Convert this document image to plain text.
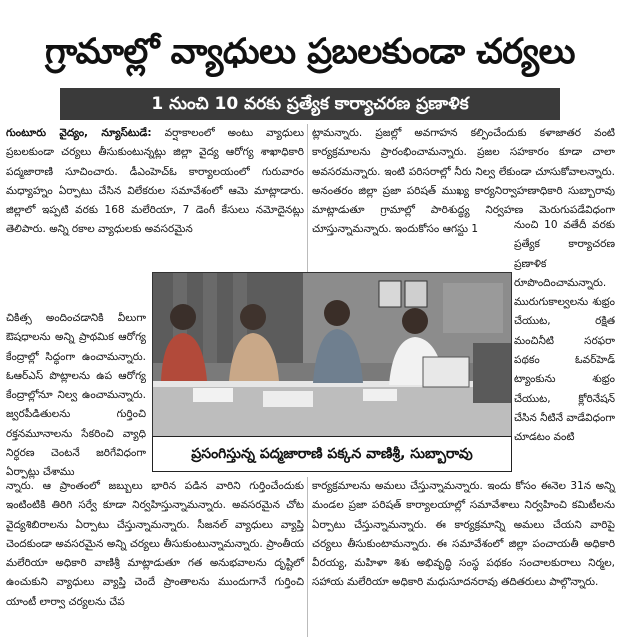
గ్రామాల్లో వ్యాధులు ప్రబలకుండా చర్యలు
1 నుంచి 10 వరకు ప్రత్యేక కార్యాచరణ ప్రణాళిక

గుంటూరు వైద్యం, న్యూస్‌టుడే: వర్షాకాలంలో అంటు వ్యాధులు ప్రబలకుండా చర్యలు తీసుకుంటున్నట్లు జిల్లా వైద్య ఆరోగ్య శాఖాధికారి పద్మజారాణి సూచించారు. డీఎంహెచ్‌ఓ కార్యాలయంలో గురువారం మధ్యాహ్నం ఏర్పాటు చేసిన విలేకరుల సమావేశంలో ఆమె మాట్లాడారు. జిల్లాలో ఇప్పటి వరకు 168 మలేరియా, 7 డెంగీ కేసులు నమోదైనట్లు తెలిపారు. అన్ని రకాల వ్యాధులకు అవసరమైన

చికిత్స అందించడానికి వీలుగా ఔషధాలను అన్ని ప్రాథమిక ఆరోగ్య కేంద్రాల్లో సిద్ధంగా ఉంచామన్నారు. ఓఆర్‌ఎస్‌ పొట్లాలను ఉప ఆరోగ్య కేంద్రాల్లోనూ నిల్వ ఉంచామన్నారు. జ్వరపీడితులను గుర్తించి రక్తనమూనాలను సేకరించి వ్యాధి నిర్ధరణ చెంటనే జరిగేవిధంగా ఏర్పాట్లు చేశాము

ట్లామన్నారు. ప్రజల్లో అవగాహన కల్పించేందుకు కళాజాతర వంటి కార్యక్రమాలను ప్రారంభించామన్నారు. ప్రజల సహకారం కూడా చాలా అవసరమన్నారు. ఇంటి పరిసరాల్లో నీరు నిల్వ లేకుండా చూసుకోవాలన్నారు. అనంతరం జిల్లా ప్రజా పరిషత్‌ ముఖ్య కార్యనిర్వాహణాధికారి సుబ్బారావు మాట్లాడుతూ గ్రామాల్లో పారిశుద్ధ్య నిర్వహణ మెరుగుపడేవిధంగా చూస్తున్నామన్నారు. ఇందుకోసం ఆగస్టు 1	నుంచి 10 వతేదీ వరకు ప్రత్యేక కార్యాచరణ ప్రణాళిక రూపొందించామన్నారు. మురుగుకాల్వలను శుభ్రం చేయుట, రక్షిత మంచినీటి సరఫరా పథకం ఓవర్‌హెడ్‌ ట్యాంకును శుభ్రం చేయుట, క్లోరినేషన్‌ చేసిన నీటినే వాడేవిధంగా చూడటం వంటి

ప్రసంగిస్తున్న పద్మజారాణి పక్కన వాణిశ్రీ, సుబ్బారావు

న్నారు. ఆ ప్రాంతంలో జబ్బులు భారిన పడిన వారిని గుర్తించేందుకు ఇంటింటికి తిరిగి సర్వే కూడా నిర్వహిస్తున్నామన్నారు. అవసరమైన చోట వైద్యశిబిరాలను ఏర్పాటు చేస్తున్నామన్నారు. సీజనల్‌ వ్యాధులు వ్యాప్తి చెందకుండా అవసరమైన అన్ని చర్యలు తీసుకుంటున్నామన్నారు. ప్రాంతీయ మలేరియా అధికారి వాణిశ్రీ మాట్లాడుతూ గత అనుభవాలను దృష్టిలో ఉంచుకుని వ్యాధులు వ్యాప్తి చెందే ప్రాంతాలను ముందుగానే గుర్తించి యాంటీ లార్వా చర్యలను చేప

కార్యక్రమాలను అమలు చేస్తున్నామన్నారు. ఇందు కోసం ఈనెల 31న అన్ని మండల ప్రజా పరిషత్‌ కార్యాలయాల్లో సమావేశాలు నిర్వహించి కమిటీలను ఏర్పాటు చేస్తున్నామన్నారు. ఈ కార్యక్రమాన్ని అమలు చేయని వారిపై చర్యలు తీసుకుంటామన్నారు. ఈ సమావేశంలో జిల్లా పంచాయతీ అధికారి వీరయ్య, మహిళా శిశు అభివృద్ధి సంస్థ పథకం సంచాలకురాలు నిర్మల, సహాయ మలేరియా అధికారి మధుసూదనరావు తదితరులు పాల్గొన్నారు.
